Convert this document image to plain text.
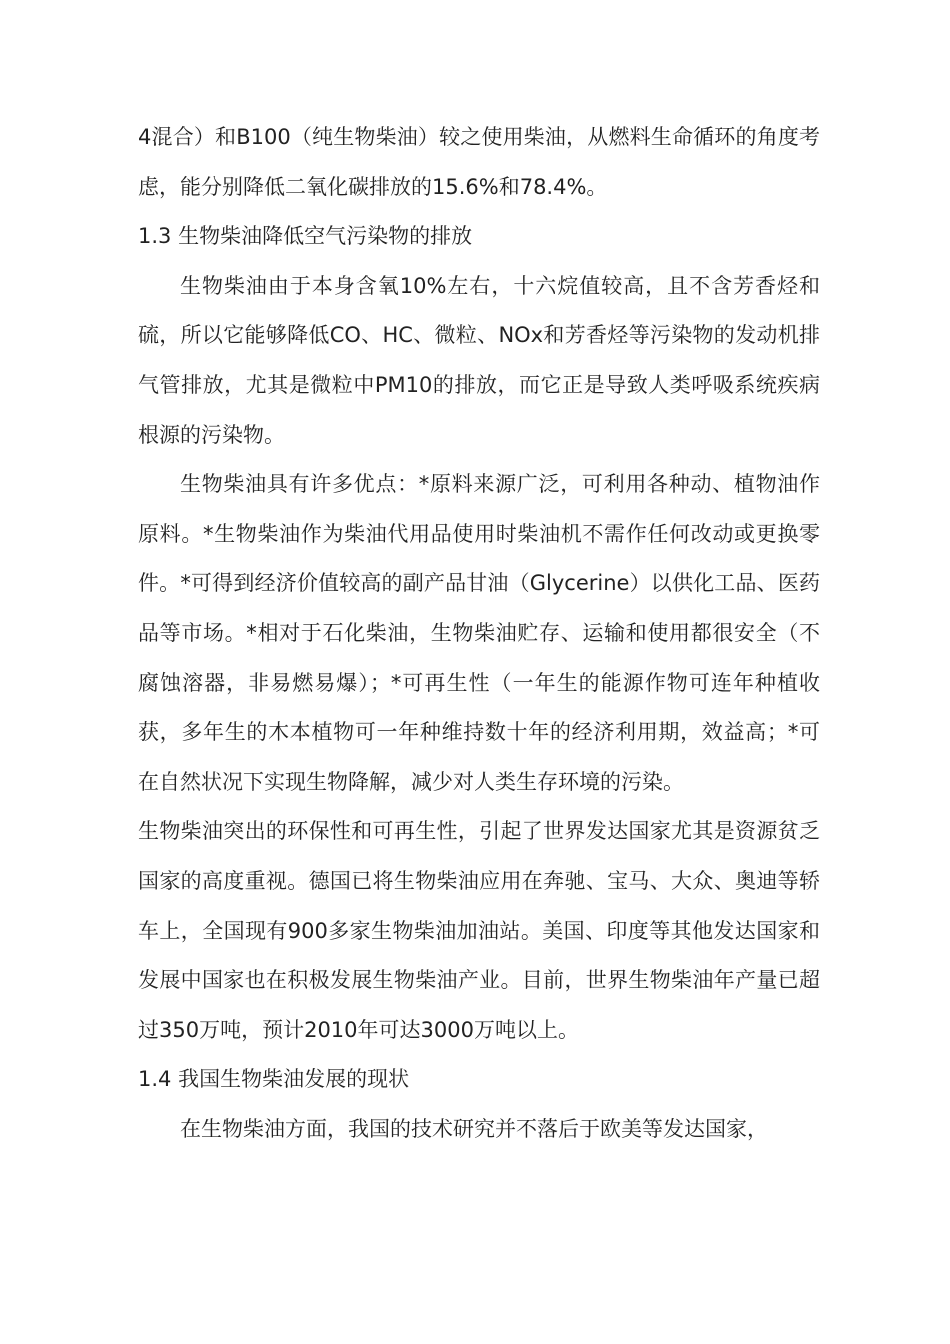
4混合）和B100（纯生物柴油）较之使用柴油，从燃料生命循环的角度考虑，能分别降低二氧化碳排放的15.6%和78.4%。

1.3 生物柴油降低空气污染物的排放

生物柴油由于本身含氧10%左右，十六烷值较高，且不含芳香烃和硫，所以它能够降低CO、HC、微粒、NOx和芳香烃等污染物的发动机排气管排放，尤其是微粒中PM10的排放，而它正是导致人类呼吸系统疾病根源的污染物。

生物柴油具有许多优点：*原料来源广泛，可利用各种动、植物油作原料。*生物柴油作为柴油代用品使用时柴油机不需作任何改动或更换零件。*可得到经济价值较高的副产品甘油（Glycerine）以供化工品、医药品等市场。*相对于石化柴油，生物柴油贮存、运输和使用都很安全（不腐蚀溶器，非易燃易爆）；*可再生性（一年生的能源作物可连年种植收获，多年生的木本植物可一年种维持数十年的经济利用期，效益高；*可在自然状况下实现生物降解，减少对人类生存环境的污染。

生物柴油突出的环保性和可再生性，引起了世界发达国家尤其是资源贫乏国家的高度重视。德国已将生物柴油应用在奔驰、宝马、大众、奥迪等轿车上，全国现有900多家生物柴油加油站。美国、印度等其他发达国家和发展中国家也在积极发展生物柴油产业。目前，世界生物柴油年产量已超过350万吨，预计2010年可达3000万吨以上。

1.4 我国生物柴油发展的现状

在生物柴油方面，我国的技术研究并不落后于欧美等发达国家，
